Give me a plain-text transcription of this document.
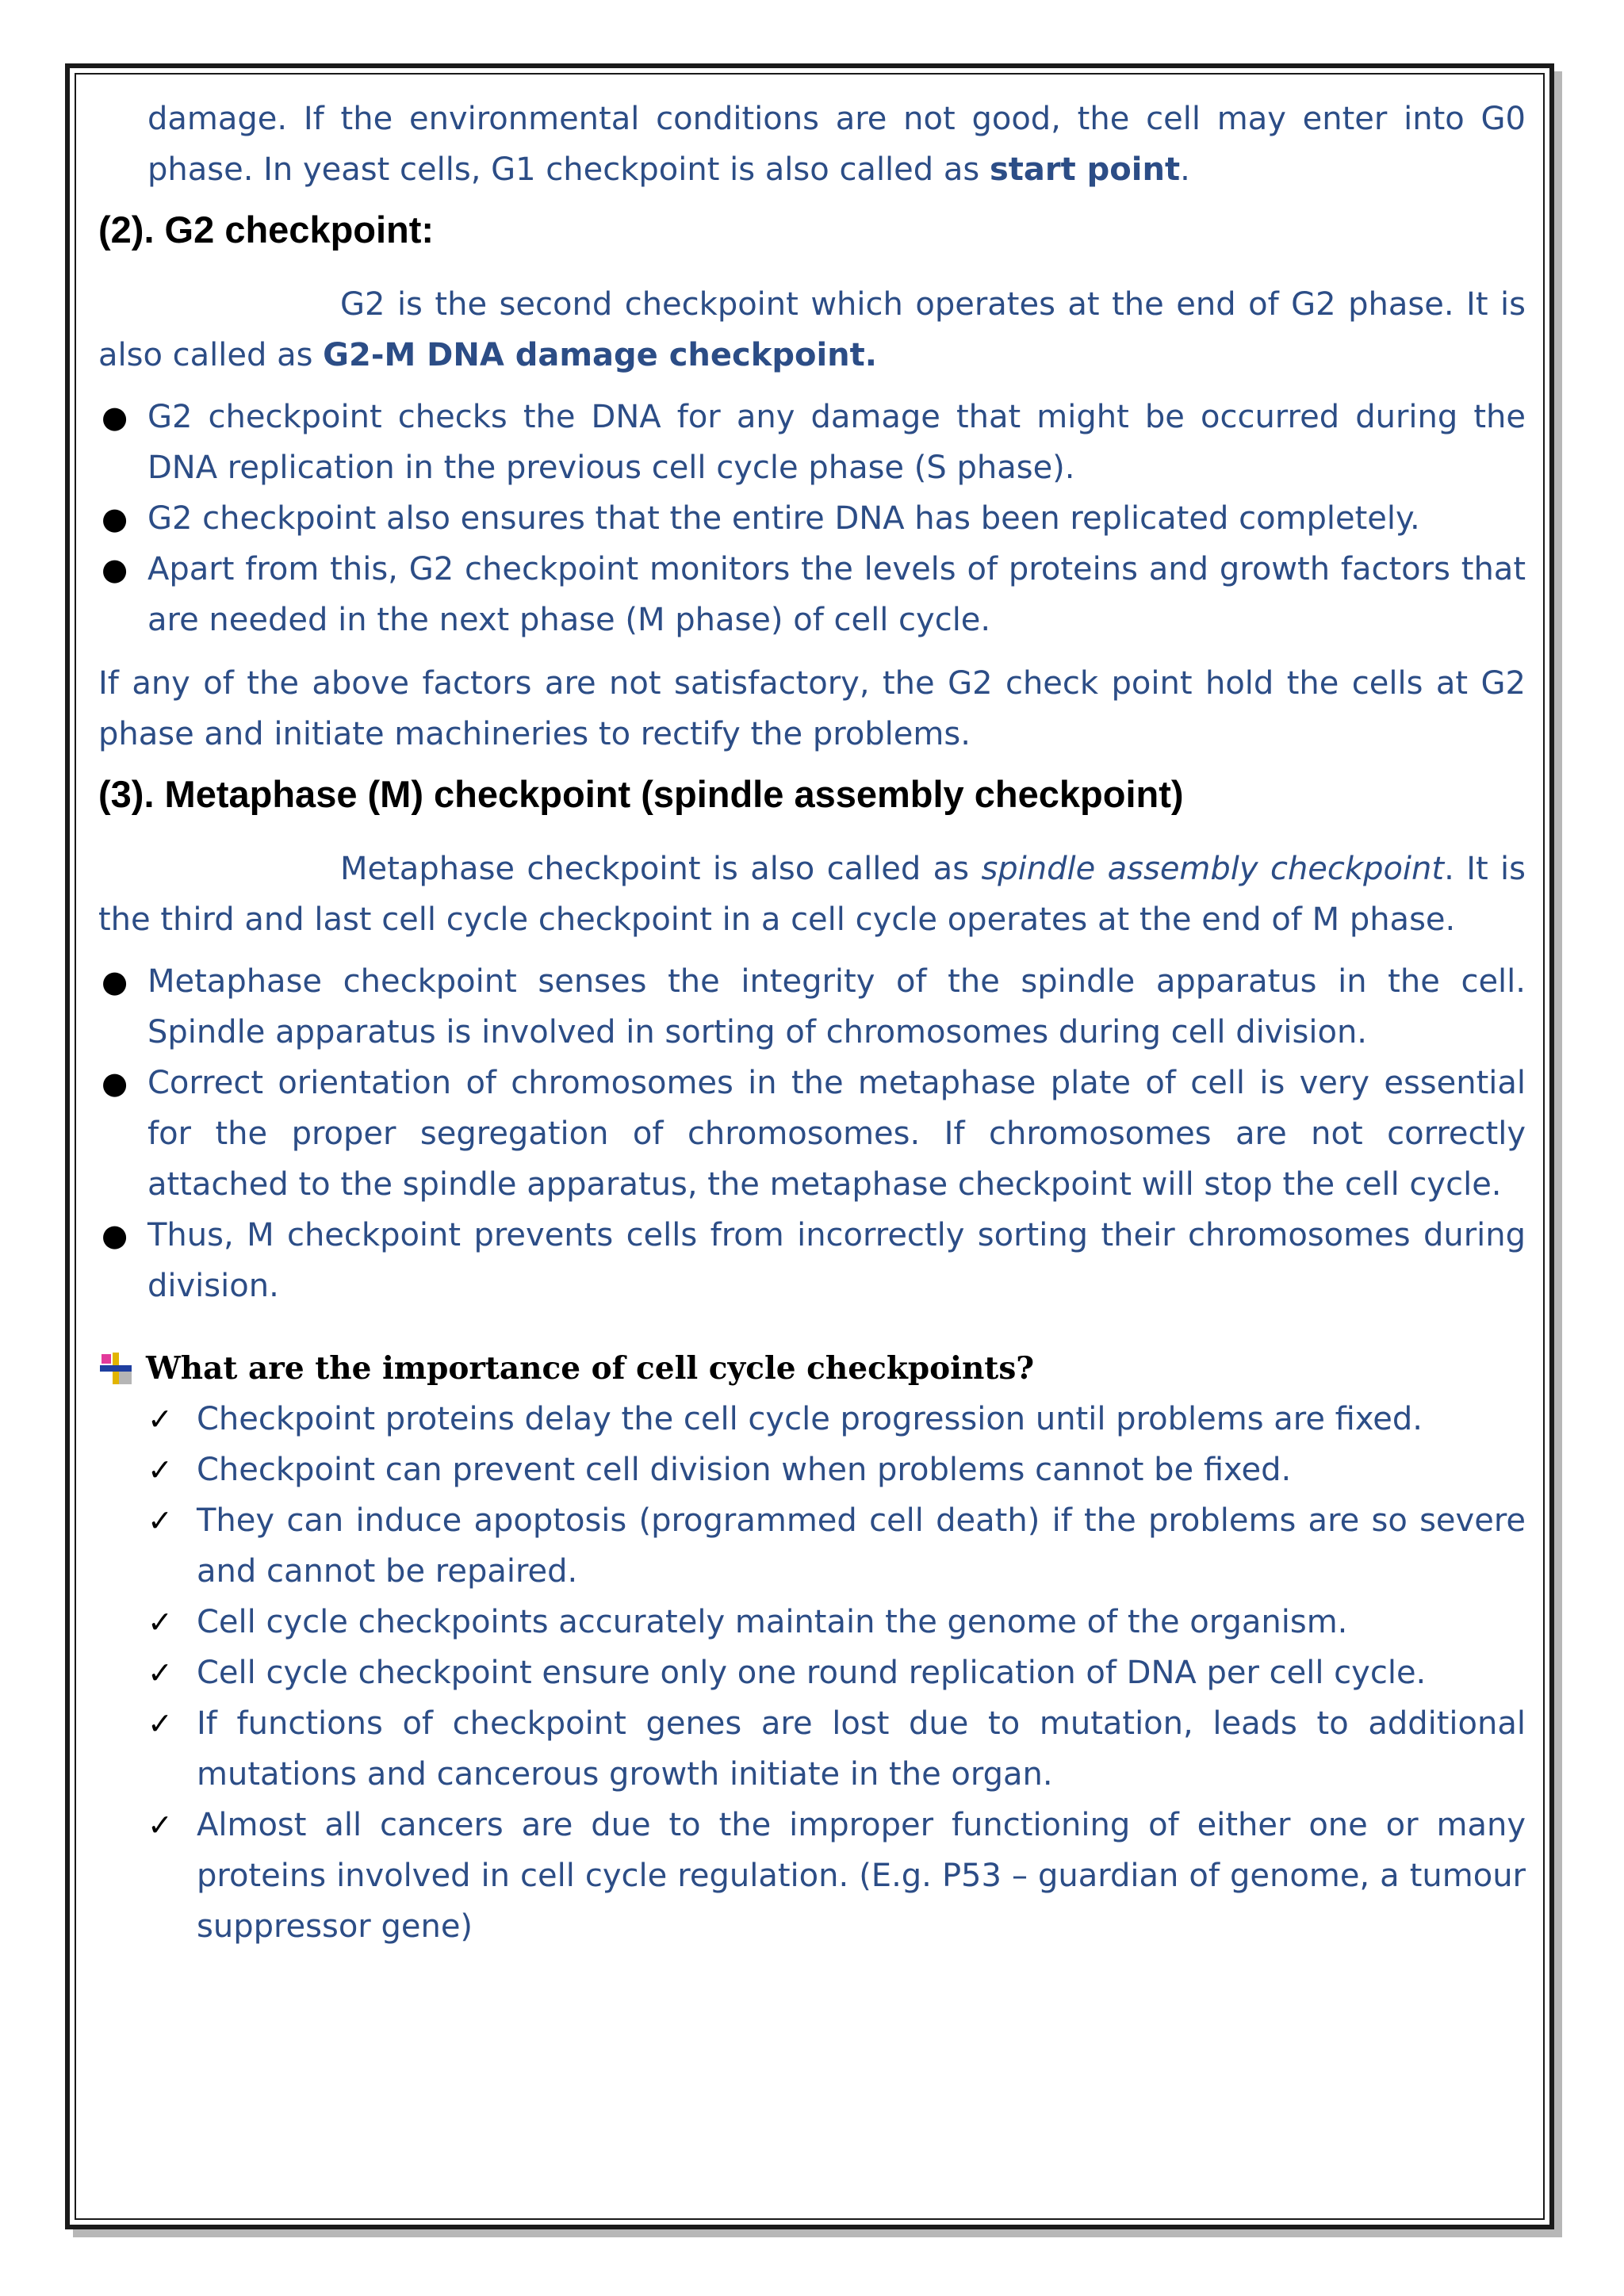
damage. If the environmental conditions are not good, the cell may enter into G0 phase. In yeast cells, G1 checkpoint is also called as start point.

(2). G2 checkpoint:

G2 is the second checkpoint which operates at the end of G2 phase. It is also called as G2-M DNA damage checkpoint.

● G2 checkpoint checks the DNA for any damage that might be occurred during the DNA replication in the previous cell cycle phase (S phase).
● G2 checkpoint also ensures that the entire DNA has been replicated completely.
● Apart from this, G2 checkpoint monitors the levels of proteins and growth factors that are needed in the next phase (M phase) of cell cycle.

If any of the above factors are not satisfactory, the G2 check point hold the cells at G2 phase and initiate machineries to rectify the problems.

(3). Metaphase (M) checkpoint (spindle assembly checkpoint)

Metaphase checkpoint is also called as spindle assembly checkpoint. It is the third and last cell cycle checkpoint in a cell cycle operates at the end of M phase.

● Metaphase checkpoint senses the integrity of the spindle apparatus in the cell. Spindle apparatus is involved in sorting of chromosomes during cell division.
● Correct orientation of chromosomes in the metaphase plate of cell is very essential for the proper segregation of chromosomes. If chromosomes are not correctly attached to the spindle apparatus, the metaphase checkpoint will stop the cell cycle.
● Thus, M checkpoint prevents cells from incorrectly sorting their chromosomes during division.
What are the importance of cell cycle checkpoints?
✓ Checkpoint proteins delay the cell cycle progression until problems are fixed.
✓ Checkpoint can prevent cell division when problems cannot be fixed.
✓ They can induce apoptosis (programmed cell death) if the problems are so severe and cannot be repaired.
✓ Cell cycle checkpoints accurately maintain the genome of the organism.
✓ Cell cycle checkpoint ensure only one round replication of DNA per cell cycle.
✓ If functions of checkpoint genes are lost due to mutation, leads to additional mutations and cancerous growth initiate in the organ.
✓ Almost all cancers are due to the improper functioning of either one or many proteins involved in cell cycle regulation. (E.g. P53 – guardian of genome, a tumour suppressor gene)
